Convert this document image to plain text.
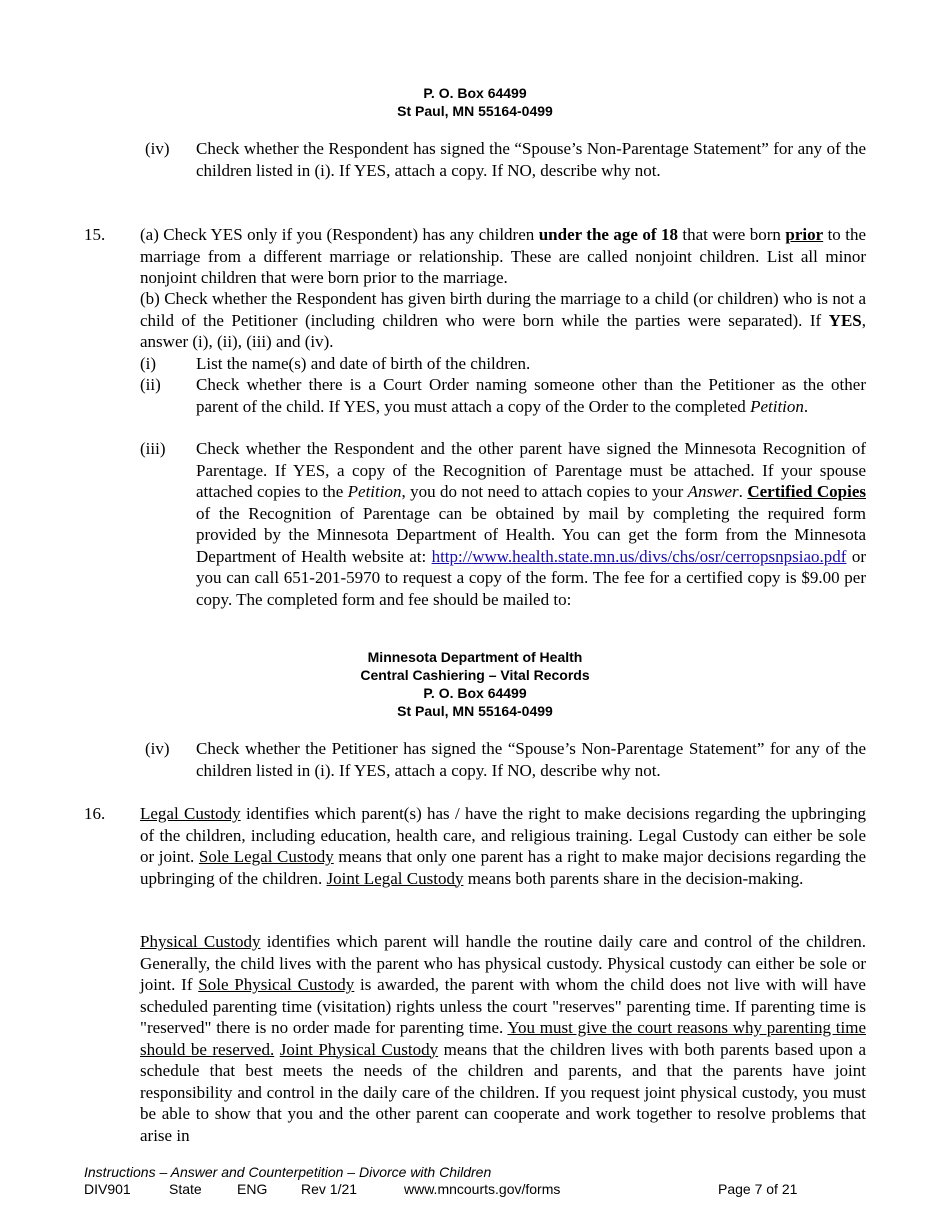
P. O. Box 64499
St Paul, MN 55164-0499
(iv) Check whether the Respondent has signed the “Spouse’s Non-Parentage Statement” for any of the children listed in (i). If YES, attach a copy. If NO, describe why not.
15. (a) Check YES only if you (Respondent) has any children under the age of 18 that were born prior to the marriage from a different marriage or relationship. These are called nonjoint children. List all minor nonjoint children that were born prior to the marriage.
(b) Check whether the Respondent has given birth during the marriage to a child (or children) who is not a child of the Petitioner (including children who were born while the parties were separated). If YES, answer (i), (ii), (iii) and (iv).
(i) List the name(s) and date of birth of the children.
(ii) Check whether there is a Court Order naming someone other than the Petitioner as the other parent of the child. If YES, you must attach a copy of the Order to the completed Petition.
(iii) Check whether the Respondent and the other parent have signed the Minnesota Recognition of Parentage. If YES, a copy of the Recognition of Parentage must be attached. If your spouse attached copies to the Petition, you do not need to attach copies to your Answer. Certified Copies of the Recognition of Parentage can be obtained by mail by completing the required form provided by the Minnesota Department of Health. You can get the form from the Minnesota Department of Health website at: http://www.health.state.mn.us/divs/chs/osr/cerropsnpsiao.pdf or you can call 651-201-5970 to request a copy of the form. The fee for a certified copy is $9.00 per copy. The completed form and fee should be mailed to:
Minnesota Department of Health
Central Cashiering – Vital Records
P. O. Box 64499
St Paul, MN 55164-0499
(iv) Check whether the Petitioner has signed the “Spouse’s Non-Parentage Statement” for any of the children listed in (i). If YES, attach a copy. If NO, describe why not.
16. Legal Custody identifies which parent(s) has / have the right to make decisions regarding the upbringing of the children, including education, health care, and religious training. Legal Custody can either be sole or joint. Sole Legal Custody means that only one parent has a right to make major decisions regarding the upbringing of the children. Joint Legal Custody means both parents share in the decision-making.
Physical Custody identifies which parent will handle the routine daily care and control of the children. Generally, the child lives with the parent who has physical custody. Physical custody can either be sole or joint. If Sole Physical Custody is awarded, the parent with whom the child does not live with will have scheduled parenting time (visitation) rights unless the court "reserves" parenting time. If parenting time is "reserved" there is no order made for parenting time. You must give the court reasons why parenting time should be reserved. Joint Physical Custody means that the children lives with both parents based upon a schedule that best meets the needs of the children and parents, and that the parents have joint responsibility and control in the daily care of the children. If you request joint physical custody, you must be able to show that you and the other parent can cooperate and work together to resolve problems that arise in
Instructions – Answer and Counterpetition – Divorce with Children
DIV901	State	ENG Rev 1/21	www.mncourts.gov/forms	Page 7 of 21
